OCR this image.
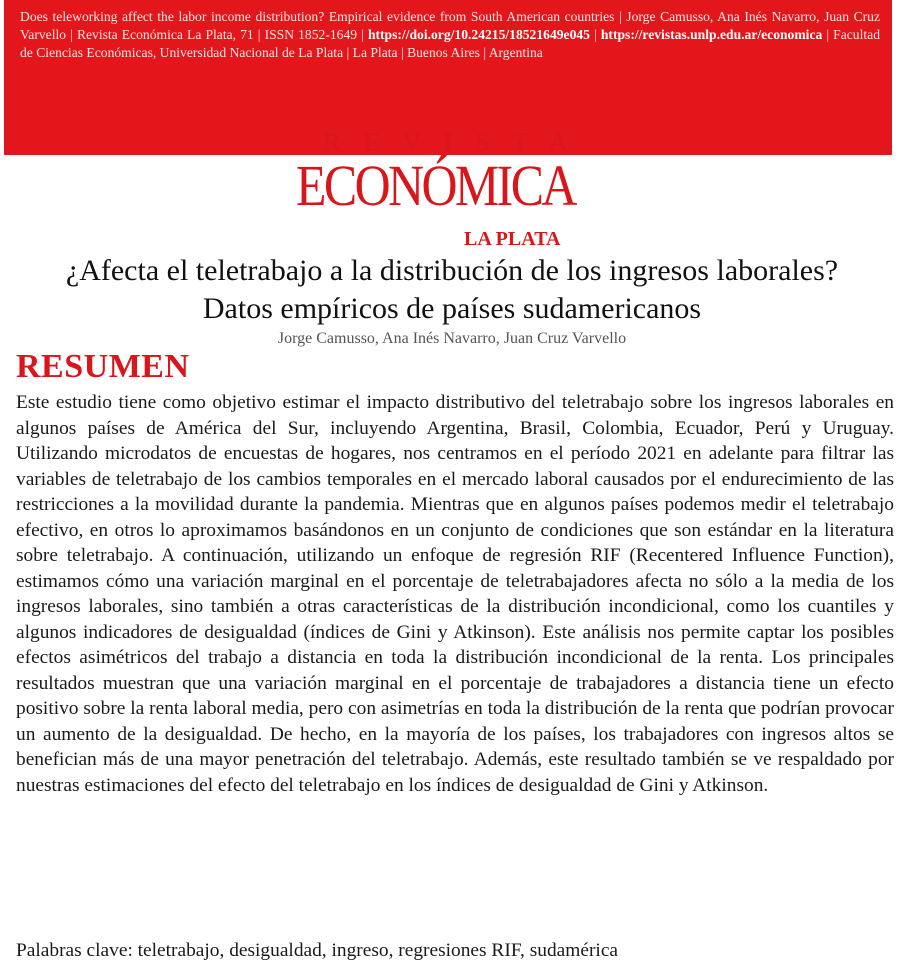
Does teleworking affect the labor income distribution? Empirical evidence from South American countries | Jorge Camusso, Ana Inés Navarro, Juan Cruz Varvello | Revista Económica La Plata, 71 | ISSN 1852-1649 | https://doi.org/10.24215/18521649e045 | https://revistas.unlp.edu.ar/economica | Facultad de Ciencias Económicas, Universidad Nacional de La Plata | La Plata | Buenos Aires | Argentina
REVISTA
ECONÓMICA
LA PLATA
¿Afecta el teletrabajo a la distribución de los ingresos laborales?
Datos empíricos de países sudamericanos
Jorge Camusso, Ana Inés Navarro, Juan Cruz Varvello
RESUMEN
Este estudio tiene como objetivo estimar el impacto distributivo del teletrabajo sobre los ingresos laborales en algunos países de América del Sur, incluyendo Argentina, Brasil, Colombia, Ecuador, Perú y Uruguay. Utilizando microdatos de encuestas de hogares, nos centramos en el período 2021 en adelante para filtrar las variables de teletrabajo de los cambios temporales en el mercado laboral causados por el endurecimiento de las restricciones a la movilidad durante la pandemia. Mientras que en algunos países podemos medir el teletrabajo efectivo, en otros lo aproximamos basándonos en un conjunto de condiciones que son estándar en la literatura sobre teletrabajo. A continuación, utilizando un enfoque de regresión RIF (Recentered Influence Function), estimamos cómo una variación marginal en el porcentaje de teletrabajadores afecta no sólo a la media de los ingresos laborales, sino también a otras características de la distribución incondicional, como los cuantiles y algunos indicadores de desigualdad (índices de Gini y Atkinson). Este análisis nos permite captar los posibles efectos asimétricos del trabajo a distancia en toda la distribución incondicional de la renta. Los principales resultados muestran que una variación marginal en el porcentaje de trabajadores a distancia tiene un efecto positivo sobre la renta laboral media, pero con asimetrías en toda la distribución de la renta que podrían provocar un aumento de la desigualdad. De hecho, en la mayoría de los países, los trabajadores con ingresos altos se benefician más de una mayor penetración del teletrabajo. Además, este resultado también se ve respaldado por nuestras estimaciones del efecto del teletrabajo en los índices de desigualdad de Gini y Atkinson.
Palabras clave: teletrabajo, desigualdad, ingreso, regresiones RIF, sudamérica
